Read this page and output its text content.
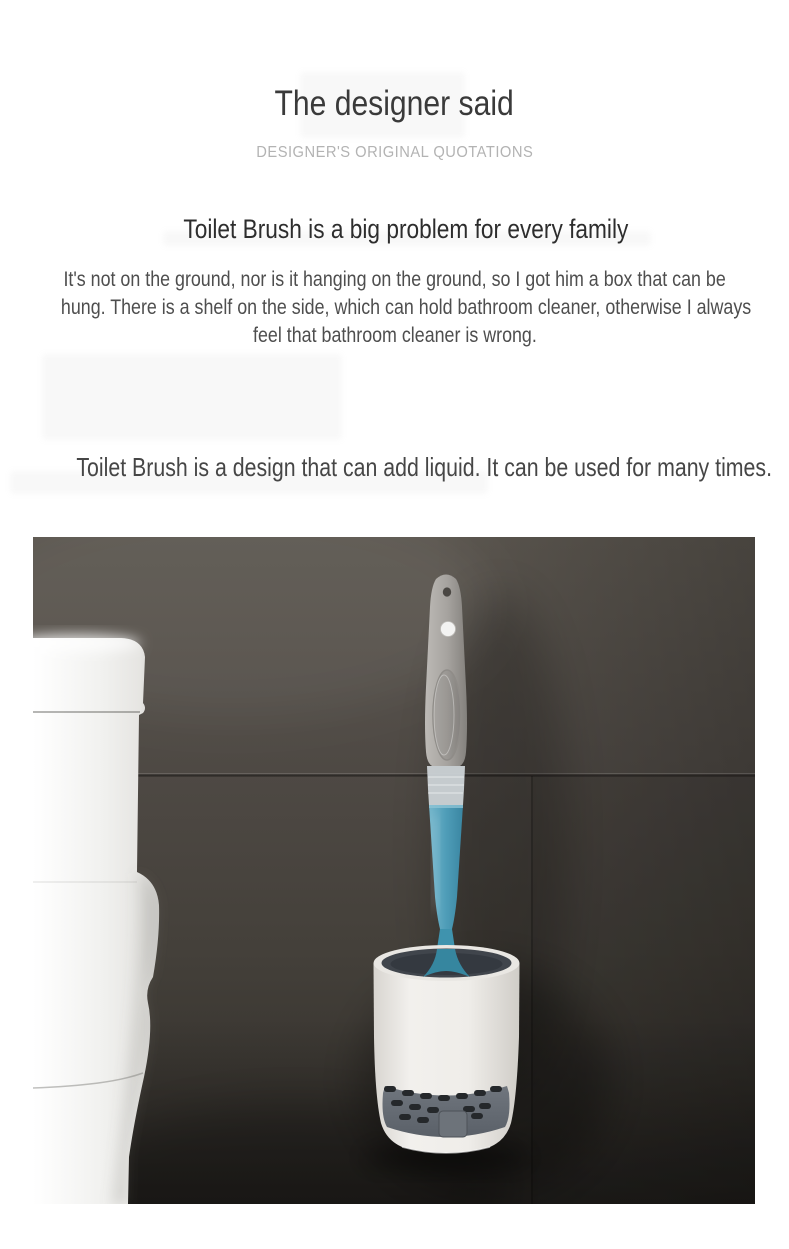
The designer said
DESIGNER'S ORIGINAL QUOTATIONS
Toilet Brush is a big problem for every family
It's not on the ground, nor is it hanging on the ground, so I got him a box that can be
hung. There is a shelf on the side, which can hold bathroom cleaner, otherwise I always
feel that bathroom cleaner is wrong.
Toilet Brush is a design that can add liquid. It can be used for many times.
